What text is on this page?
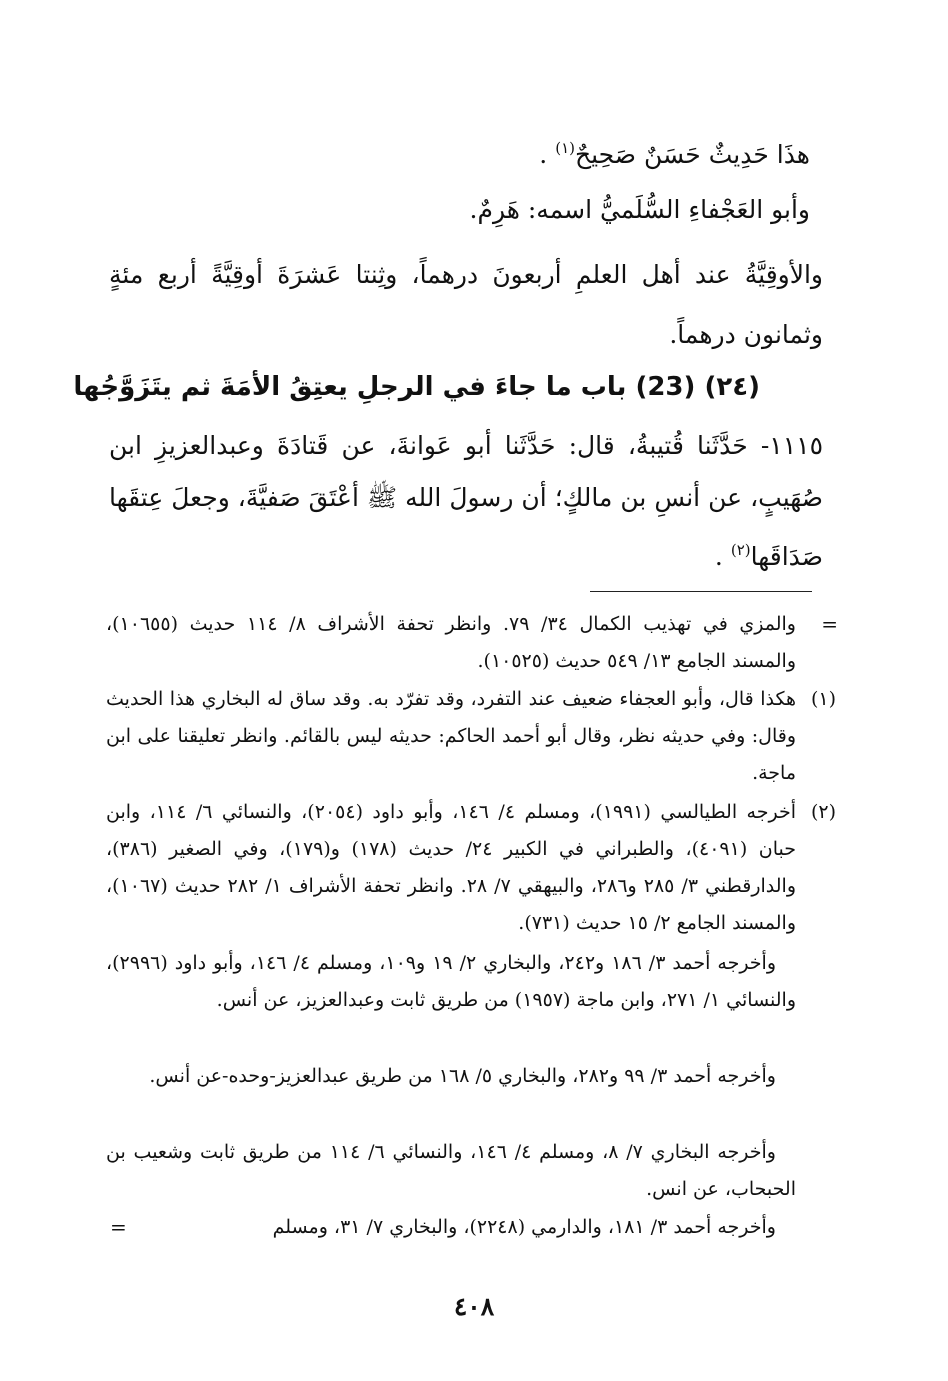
هذَا حَدِيثٌ حَسَنٌ صَحِيحٌ$^{(١)}$ .

وأبو العَجْفاءِ السُّلَميُّ اسمه: هَرِمٌ.

والأوقِيَّةُ عند أهل العلمِ أربعونَ درهماً، وثِنتا عَشرَةَ أوقِيَّةً أربع مئةٍ وثمانون درهماً.

(٢٤) (23) باب ما جاءَ في الرجلِ يعتِقُ الأمَةَ ثم يتَزَوَّجُها

١١١٥- حَدَّثَنا قُتيبةُ، قال: حَدَّثَنا أبو عَوانةَ، عن قَتادَةَ وعبدالعزيزِ ابن صُهَيبٍ، عن أنسِ بن مالكٍ؛ أن رسولَ الله ﷺ أعْتَقَ صَفيَّةَ، وجعلَ عِتقَها صَدَاقَها$^{(٢)}$ .

=

والمزي في تهذيب الكمال ٣٤/ ٧٩. وانظر تحفة الأشراف ٨/ ١١٤ حديث (١٠٦٥٥)، والمسند الجامع ١٣/ ٥٤٩ حديث (١٠٥٢٥).

(١)

هكذا قال، وأبو العجفاء ضعيف عند التفرد، وقد تفرّد به. وقد ساق له البخاري هذا الحديث وقال: وفي حديثه نظر، وقال أبو أحمد الحاكم: حديثه ليس بالقائم. وانظر تعليقنا على ابن ماجة.

(٢)

أخرجه الطيالسي (١٩٩١)، ومسلم ٤/ ١٤٦، وأبو داود (٢٠٥٤)، والنسائي ٦/ ١١٤، وابن حبان (٤٠٩١)، والطبراني في الكبير ٢٤/ حديث (١٧٨) و(١٧٩)، وفي الصغير (٣٨٦)، والدارقطني ٣/ ٢٨٥ و٢٨٦، والبيهقي ٧/ ٢٨. وانظر تحفة الأشراف ١/ ٢٨٢ حديث (١٠٦٧)، والمسند الجامع ٢/ ١٥ حديث (٧٣١).

وأخرجه أحمد ٣/ ١٨٦ و٢٤٢، والبخاري ٢/ ١٩ و١٠٩، ومسلم ٤/ ١٤٦، وأبو داود (٢٩٩٦)، والنسائي ١/ ٢٧١، وابن ماجة (١٩٥٧) من طريق ثابت وعبدالعزيز، عن أنس.

وأخرجه أحمد ٣/ ٩٩ و٢٨٢، والبخاري ٥/ ١٦٨ من طريق عبدالعزيز-وحده-عن أنس.

وأخرجه البخاري ٧/ ٨، ومسلم ٤/ ١٤٦، والنسائي ٦/ ١١٤ من طريق ثابت وشعيب بن الحبحاب، عن انس.

وأخرجه أحمد ٣/ ١٨١، والدارمي (٢٢٤٨)، والبخاري ٧/ ٣١، ومسلم

=
٤٠٨
